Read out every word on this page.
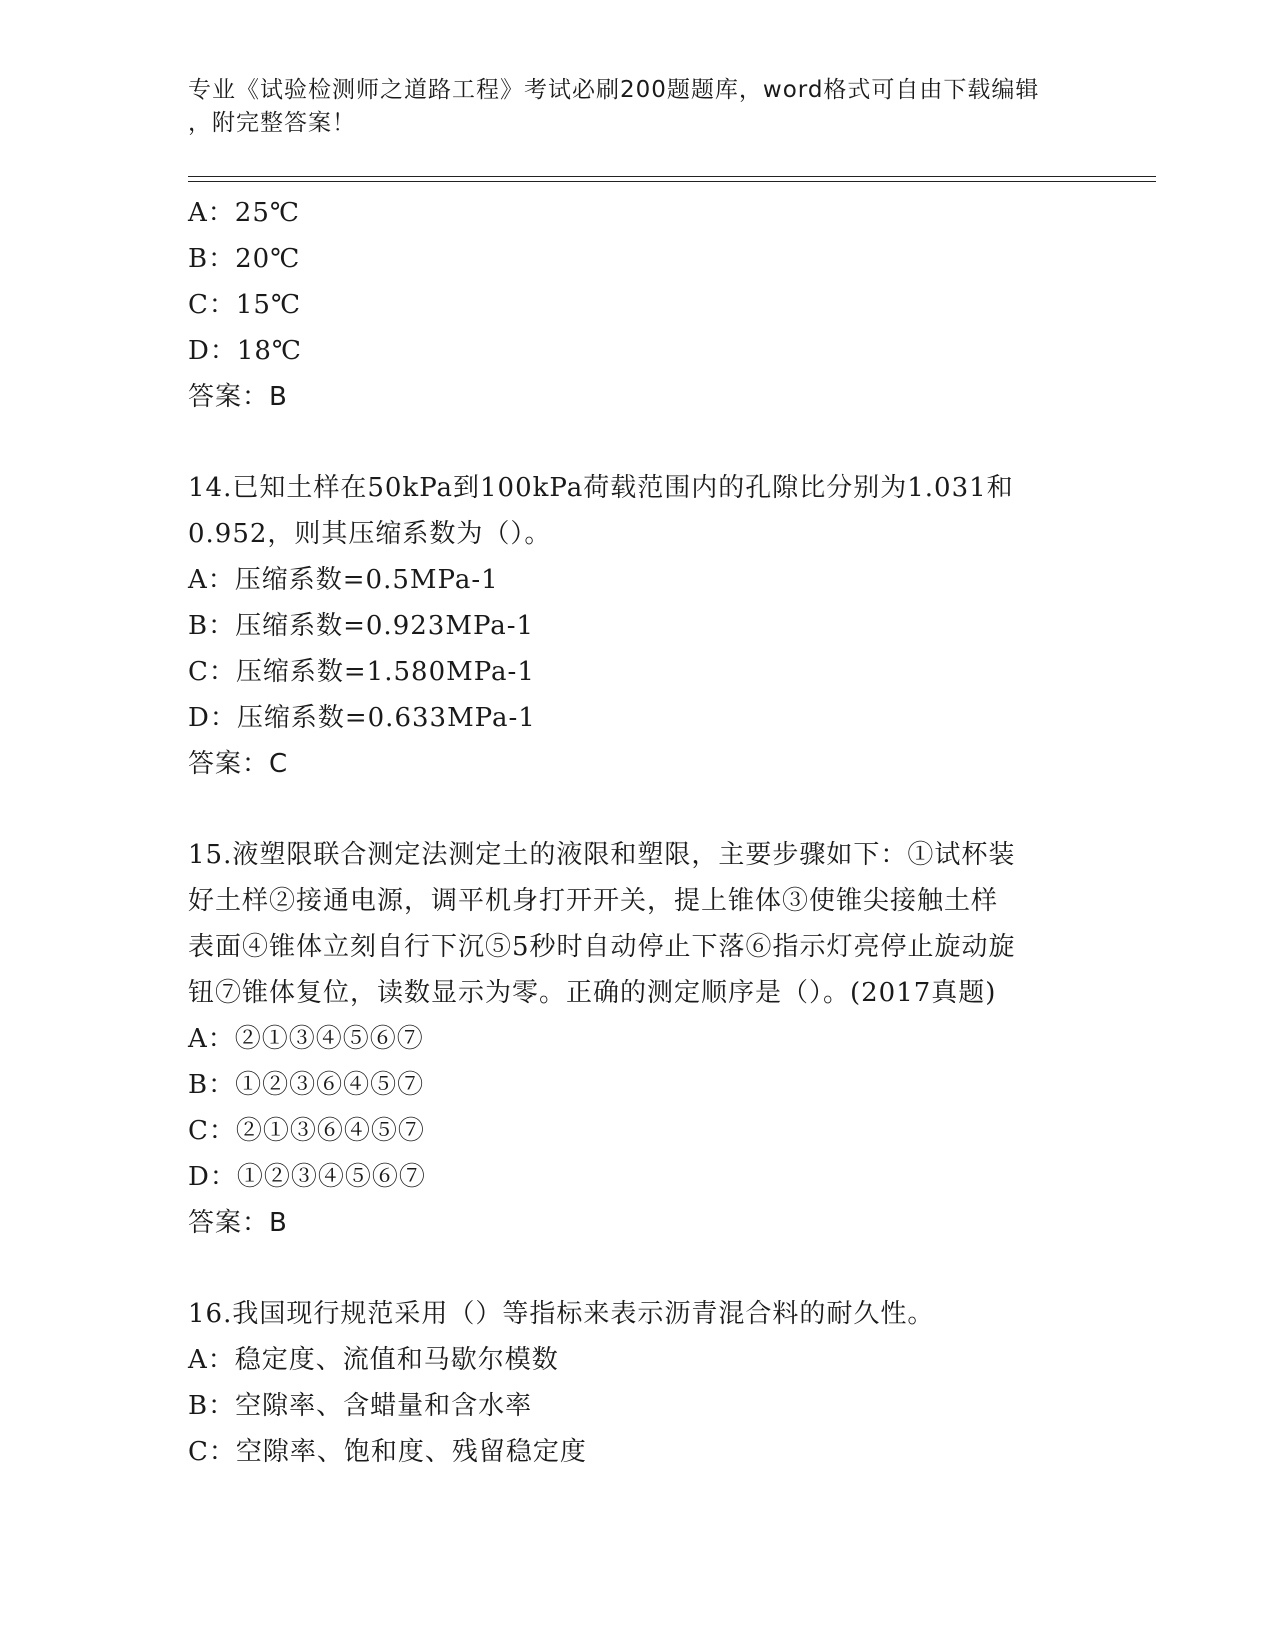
专业《试验检测师之道路工程》考试必刷200题题库，word格式可自由下载编辑
，附完整答案！
A：25℃
B：20℃
C：15℃
D：18℃
答案：B
14.已知土样在50kPa到100kPa荷载范围内的孔隙比分别为1.031和
0.952，则其压缩系数为（）。
A：压缩系数=0.5MPa-1
B：压缩系数=0.923MPa-1
C：压缩系数=1.580MPa-1
D：压缩系数=0.633MPa-1
答案：C
15.液塑限联合测定法测定土的液限和塑限，主要步骤如下：①试杯装
好土样②接通电源，调平机身打开开关，提上锥体③使锥尖接触土样
表面④锥体立刻自行下沉⑤5秒时自动停止下落⑥指示灯亮停止旋动旋
钮⑦锥体复位，读数显示为零。正确的测定顺序是（）。(2017真题)
A：②①③④⑤⑥⑦
B：①②③⑥④⑤⑦
C：②①③⑥④⑤⑦
D：①②③④⑤⑥⑦
答案：B
16.我国现行规范采用（）等指标来表示沥青混合料的耐久性。
A：稳定度、流值和马歇尔模数
B：空隙率、含蜡量和含水率
C：空隙率、饱和度、残留稳定度
